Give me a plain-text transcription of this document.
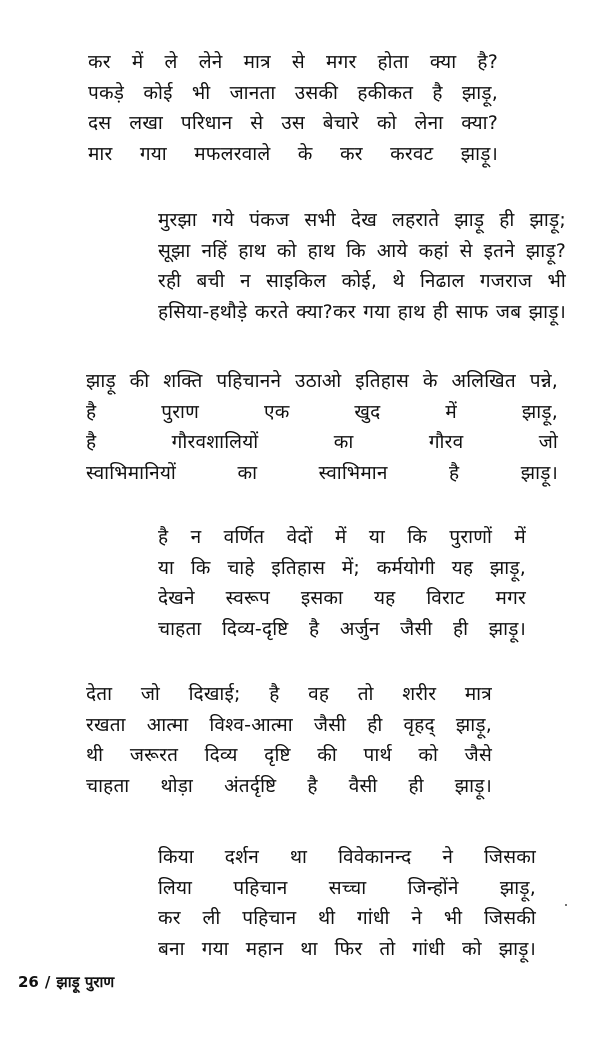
कर में ले लेने मात्र से मगर होता क्या है?
पकड़े कोई भी जानता उसकी हकीकत है झाड़ू,
दस लखा परिधान से उस बेचारे को लेना क्या?
मार गया मफलरवाले के कर करवट झाड़ू।
मुरझा गये पंकज सभी देख लहराते झाड़ू ही झाड़ू;
सूझा नहिं हाथ को हाथ कि आये कहां से इतने झाड़ू?
रही बची न साइकिल कोई, थे निढाल गजराज भी
हसिया-हथौड़े करते क्या?कर गया हाथ ही साफ जब झाड़ू।
झाड़ू की शक्ति पहिचानने उठाओ इतिहास के अलिखित पन्ने,
है पुराण एक खुद में झाड़ू,
है गौरवशालियों का गौरव जो
स्वाभिमानियों का स्वाभिमान है झाड़ू।
है न वर्णित वेदों में या कि पुराणों में
या कि चाहे इतिहास में; कर्मयोगी यह झाड़ू,
देखने स्वरूप इसका यह विराट मगर
चाहता दिव्य-दृष्टि है अर्जुन जैसी ही झाड़ू।
देता जो दिखाई; है वह तो शरीर मात्र
रखता आत्मा विश्व-आत्मा जैसी ही वृहद् झाड़ू,
थी जरूरत दिव्य दृष्टि की पार्थ को जैसे
चाहता थोड़ा अंतर्दृष्टि है वैसी ही झाड़ू।
किया दर्शन था विवेकानन्द ने जिसका
लिया पहिचान सच्चा जिन्होंने झाड़ू,
कर ली पहिचान थी गांधी ने भी जिसकी
बना गया महान था फिर तो गांधी को झाड़ू।
26 / झाड़ू पुराण
